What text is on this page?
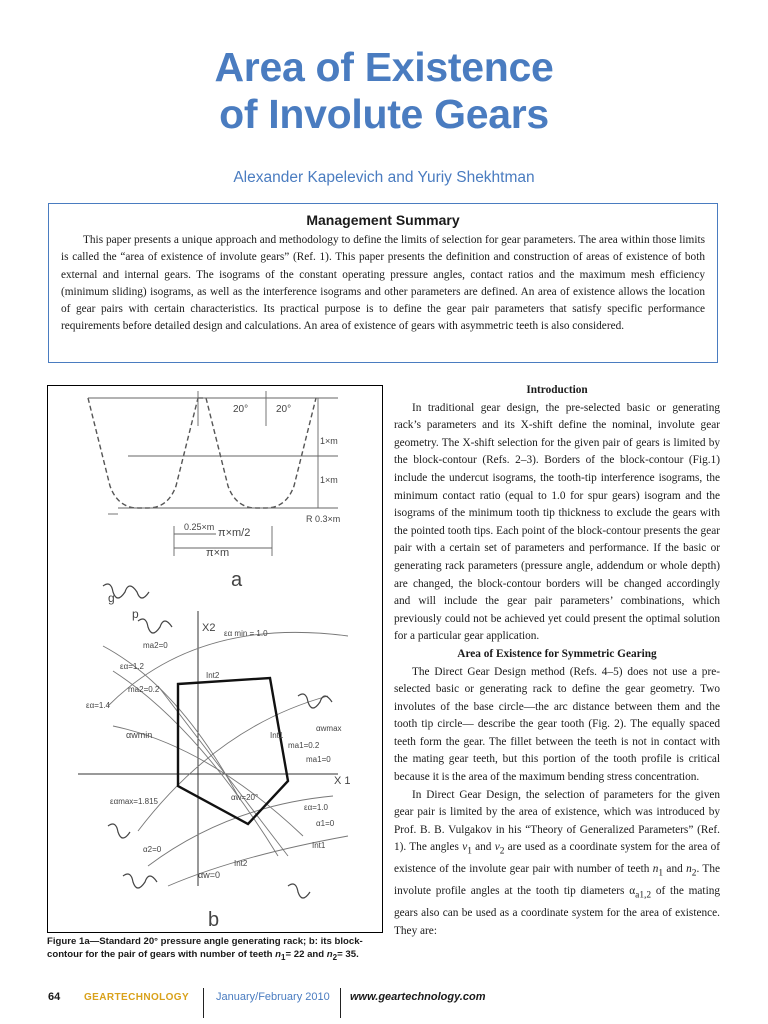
Area of Existence
of Involute Gears
Alexander Kapelevich and Yuriy Shekhtman
Management Summary

This paper presents a unique approach and methodology to define the limits of selection for gear parameters. The area within those limits is called the “area of existence of involute gears” (Ref. 1). This paper presents the definition and construction of areas of existence of both external and internal gears. The isograms of the constant operating pressure angles, contact ratios and the maximum mesh efficiency (minimum sliding) isograms, as well as the interference isograms and other parameters are defined. An area of existence allows the location of gear pairs with certain characteristics. Its practical purpose is to define the gear pair parameters that satisfy specific performance requirements before detailed design and calculations. An area of existence of gears with asymmetric teeth is also considered.

20°	20°
1×m
1×m
0.25×m
R 0.3×m
π×m/2
π×m
a
X2
X 1
εα min = 1.0
ma2=0
εα=1.2
ma2=0.2
εα=1.4
Int2
αwmax
αwmin	Int1
ma1=0.2
ma1=0
εαmax=1.815
εα=1.0
αw=20°
α2=0
α1=0
Int1
Int2
αw=0
b
g
p
Figure 1a—Standard 20° pressure angle generating rack; b: its block-contour for the pair of gears with number of teeth $n_1= 22$ and $n_2= 35$.

Introduction

In traditional gear design, the pre-selected basic or generating rack’s parameters and its X-shift define the nominal, involute gear geometry. The X-shift selection for the given pair of gears is limited by the block-contour (Refs. 2–3). Borders of the block-contour (Fig.1) include the undercut isograms, the tooth-tip interference isograms, the minimum contact ratio (equal to 1.0 for spur gears) isogram and the isograms of the minimum tooth tip thickness to exclude the gears with the pointed tooth tips. Each point of the block-contour presents the gear pair with a certain set of parameters and performance. If the basic or generating rack parameters (pressure angle, addendum or whole depth) are changed, the block-contour borders will be changed accordingly and will include the gear pair parameters’ combinations, which previously could not be achieved yet could present the optimal solution for a particular gear application.

Area of Existence for Symmetric Gearing

The Direct Gear Design method (Refs. 4–5) does not use a pre-selected basic or generating rack to define the gear geometry. Two involutes of the base circle—the arc distance between them and the tooth tip circle— describe the gear tooth (Fig. 2). The equally spaced teeth form the gear. The fillet between the teeth is not in contact with the mating gear teeth, but this portion of the tooth profile is critical because it is the area of the maximum bending stress concentration.

In Direct Gear Design, the selection of parameters for the given gear pair is limited by the area of existence, which was introduced by Prof. B. B. Vulgakov in his “Theory of Generalized Parameters” (Ref. 1). The angles $\nu_1$ and $\nu_2$ are used as a coordinate system for the area of existence of the involute gear pair with number of teeth $n_1$ and $n_2$. The involute profile angles at the tooth tip diameters $\alpha_{a1,2}$ of the mating gears also can be used as a coordinate system for the area of existence. They are:

64 GEARTECHNOLOGY January/February 2010 www.geartechnology.com
